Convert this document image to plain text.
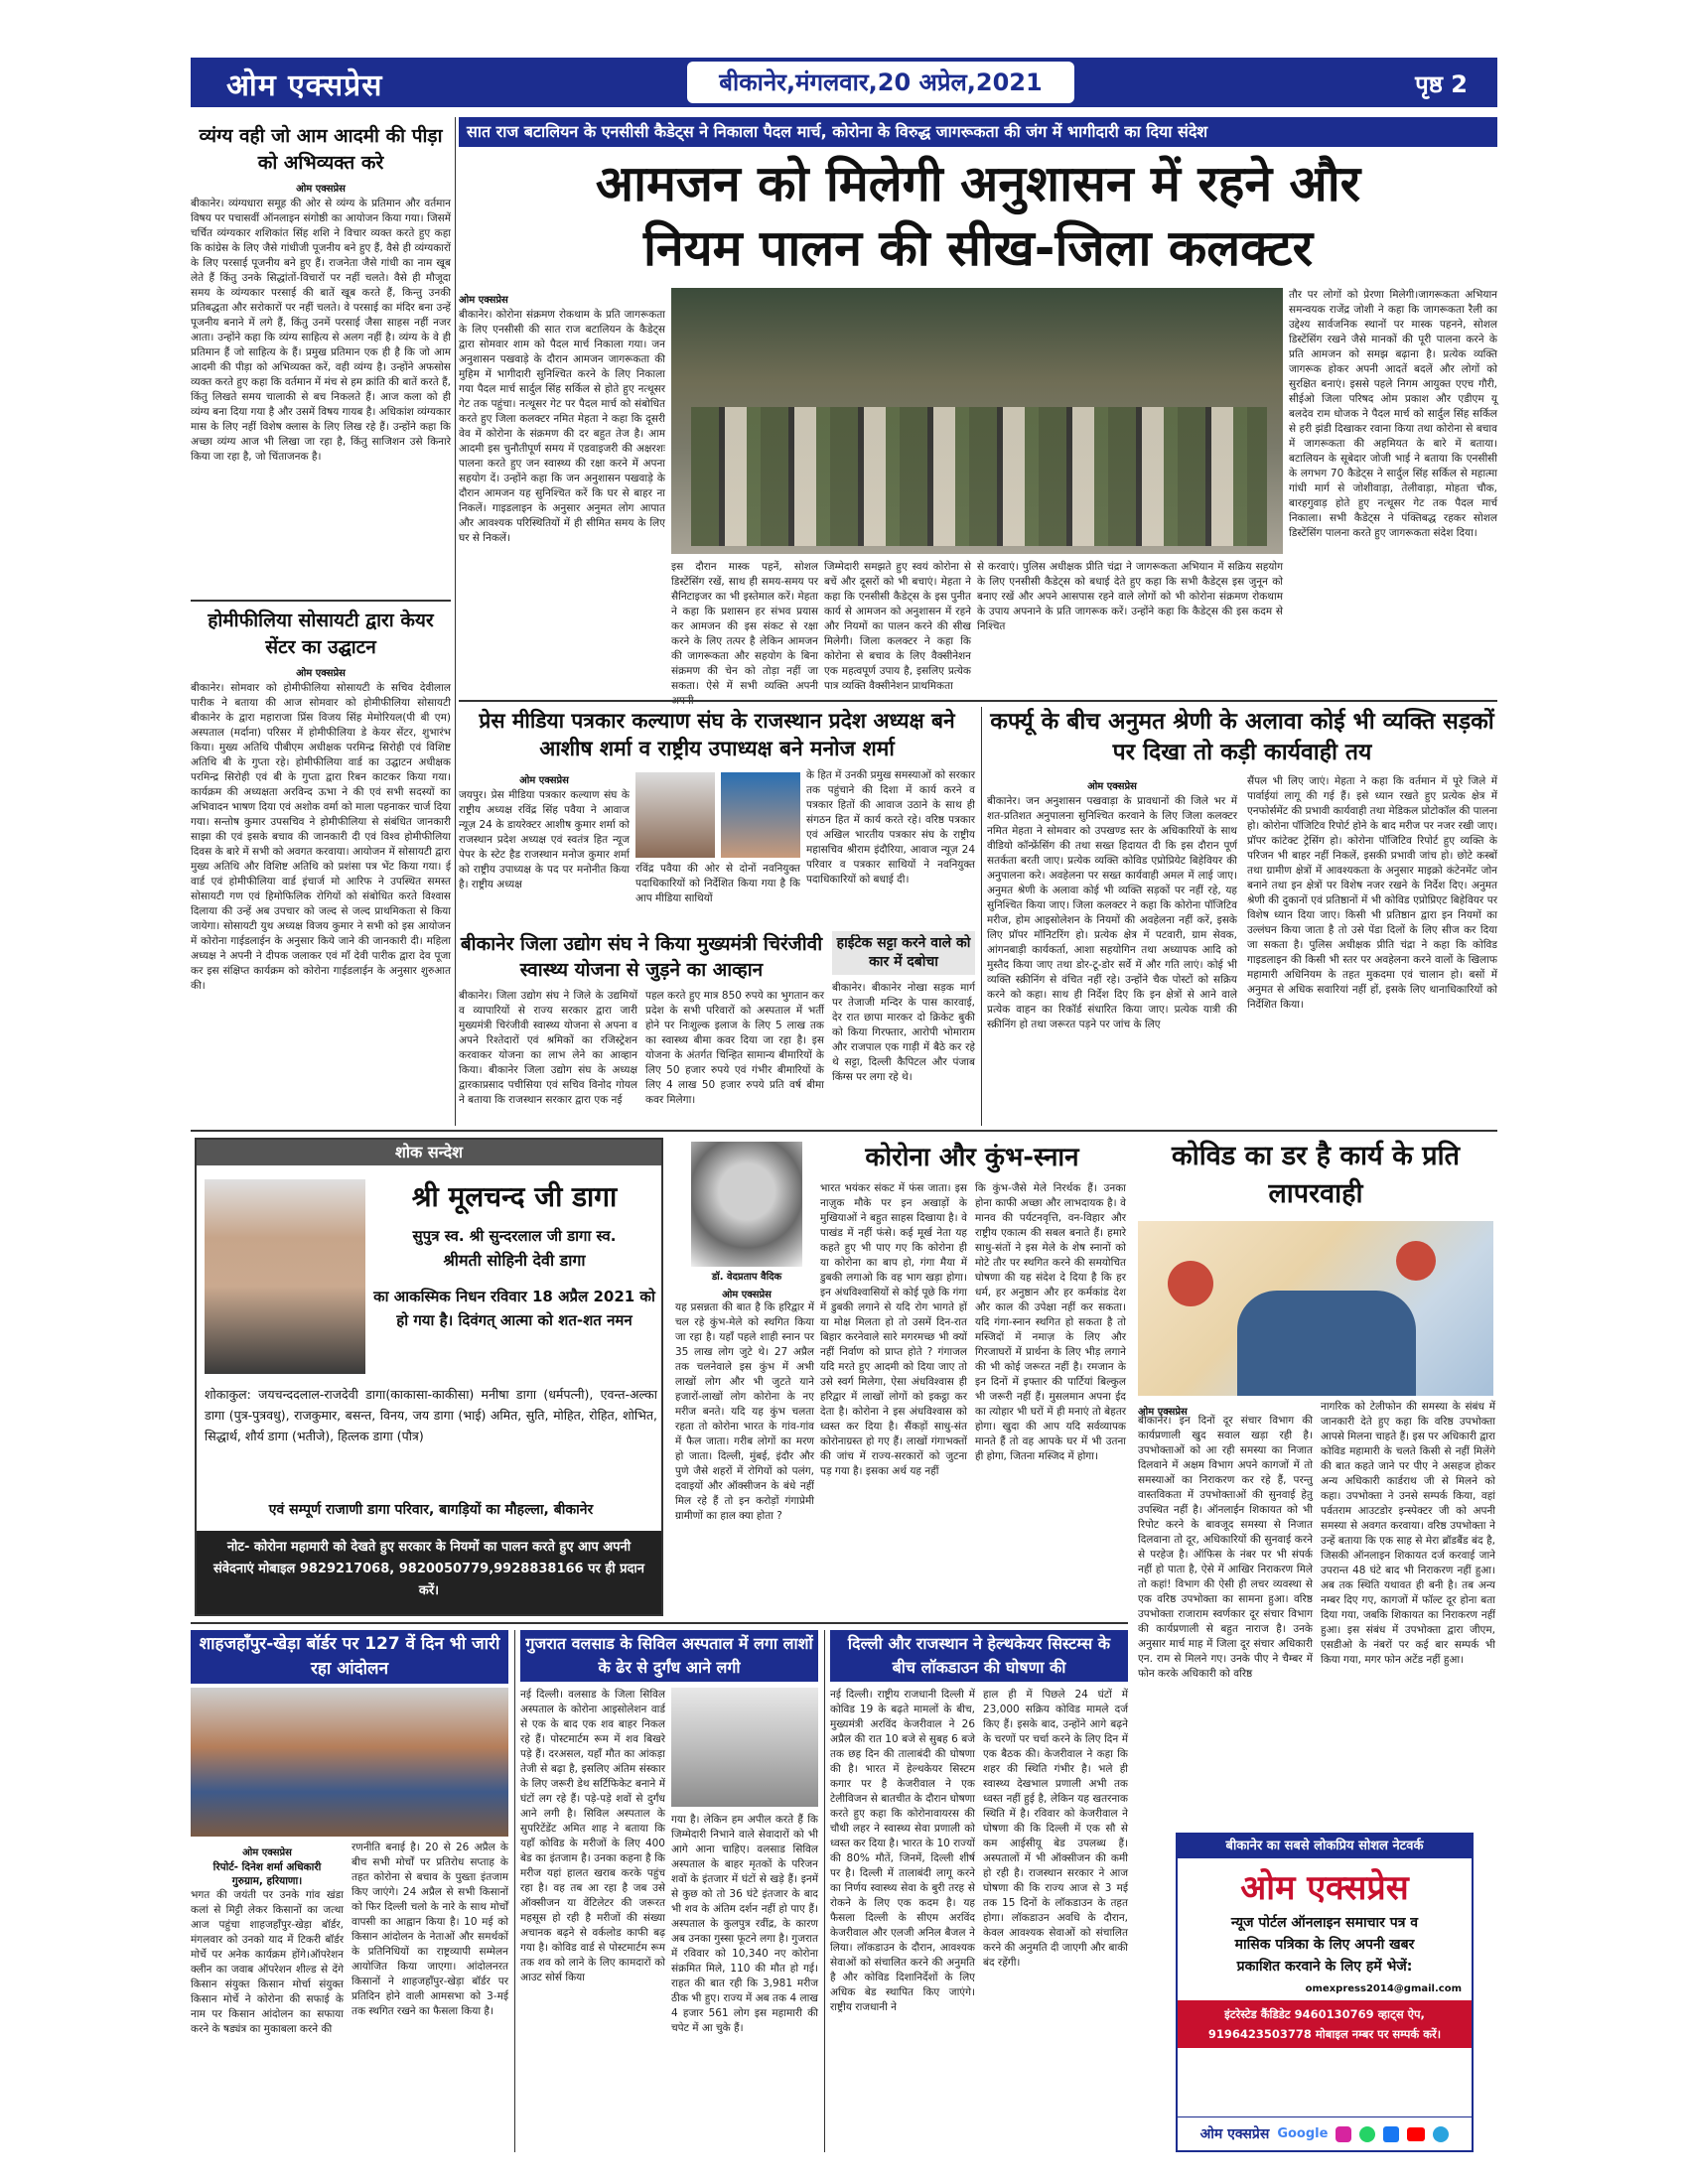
ओम एक्सप्रेस	बीकानेर,मंगलवार,20 अप्रेल,2021	पृष्ठ 2
व्यंग्य वही जो आम आदमी की पीड़ा को अभिव्यक्त करे
ओम एक्सप्रेस
बीकानेर। व्यंग्यधारा समूह की ओर से व्यंग्य के प्रतिमान और वर्तमान विषय पर पचासवीं ऑनलाइन संगोष्ठी का आयोजन किया गया। जिसमें चर्चित व्यंग्यकार शशिकांत सिंह शशि ने विचार व्यक्त करते हुए कहा कि कांग्रेस के लिए जैसे गांधीजी पूजनीय बने हुए हैं, वैसे ही व्यंग्यकारों के लिए परसाई पूजनीय बने हुए हैं। राजनेता जैसे गांधी का नाम खूब लेते हैं किंतु उनके सिद्धांतों-विचारों पर नहीं चलते। वैसे ही मौजूदा समय के व्यंग्यकार परसाई की बातें खूब करते हैं, किन्तु उनकी प्रतिबद्धता और सरोकारों पर नहीं चलते। वे परसाई का मंदिर बना उन्हें पूजनीय बनाने में लगे हैं, किंतु उनमें परसाई जैसा साहस नहीं नजर आता। उन्होंने कहा कि व्यंग्य साहित्य से अलग नहीं है। व्यंग्य के वे ही प्रतिमान हैं जो साहित्य के हैं। प्रमुख प्रतिमान एक ही है कि जो आम आदमी की पीड़ा को अभिव्यक्त करें, वही व्यंग्य है। उन्होंने अफसोस व्यक्त करते हुए कहा कि वर्तमान में मंच से हम क्रांति की बातें करते हैं, किंतु लिखते समय चालाकी से बच निकलते हैं। आज कला को ही व्यंग्य बना दिया गया है और उसमें विषय गायब है। अधिकांश व्यंग्यकार मास के लिए नहीं विशेष क्लास के लिए लिख रहे हैं। उन्होंने कहा कि अच्छा व्यंग्य आज भी लिखा जा रहा है, किंतु साजिशन उसे किनारे किया जा रहा है, जो चिंताजनक है।
होमीफीलिया सोसायटी द्वारा केयर सेंटर का उद्घाटन
ओम एक्सप्रेस
बीकानेर। सोमवार को होमीफीलिया सोसायटी के सचिव देवीलाल पारीक ने बताया की आज सोमवार को होमीफीलिया सोसायटी बीकानेर के द्वारा महाराजा प्रिंस विजय सिंह मेमोरियल(पी बी एम) अस्पताल (मर्दाना) परिसर में होमीफीलिया डे केयर सेंटर, शुभारंभ किया। मुख्य अतिथि पीबीएम अधीक्षक परमिन्द्र सिरोही एवं विशिष्ट अतिथि बी के गुप्ता रहे। होमीफीलिया वार्ड का उद्घाटन अधीक्षक परमिन्द्र सिरोही एवं बी के गुप्ता द्वारा रिबन काटकर किया गया। कार्यक्रम की अध्यक्षता अरविन्द ऊभा ने की एवं सभी सदस्यों का अभिवादन भाषण दिया एवं अशोक वर्मा को माला पहनाकर चार्ज दिया गया। सन्तोष कुमार उपसचिव ने होमीफीलिया से संबंधित जानकारी साझा की एवं इसके बचाव की जानकारी दी एवं विश्व होमीफीलिया दिवस के बारे में सभी को अवगत करवाया। आयोजन में सोसायटी द्वारा मुख्य अतिथि और विशिष्ट अतिथि को प्रशंसा पत्र भेंट किया गया। ई वार्ड एवं होमीफीलिया वार्ड इंचार्ज मो आरिफ ने उपस्थित समस्त सोसायटी गण एवं हिमोफिलिक रोगियों को संबोधित करते विश्वास दिलाया की उन्हें अब उपचार को जल्द से जल्द प्राथमिकता से किया जायेगा। सोसायटी युथ अध्यक्ष विजय कुमार ने सभी को इस आयोजन में कोरोना गाईडलाईन के अनुसार किये जाने की जानकारी दी। महिला अध्यक्ष ने अपनी ने दीपक जलाकर एवं माँ देवी पारीक द्वारा देव पूजा कर इस संक्षिप्त कार्यक्रम को कोरोना गाईडलाईन के अनुसार शुरुआत की।
सात राज बटालियन के एनसीसी कैडेट्स ने निकाला पैदल मार्च, कोरोना के विरुद्ध जागरूकता की जंग में भागीदारी का दिया संदेश
आमजन को मिलेगी अनुशासन में रहने और
नियम पालन की सीख-जिला कलक्टर
ओम एक्सप्रेस
बीकानेर। कोरोना संक्रमण रोकथाम के प्रति जागरूकता के लिए एनसीसी की सात राज बटालियन के कैडेट्स द्वारा सोमवार शाम को पैदल मार्च निकाला गया। जन अनुशासन पखवाड़े के दौरान आमजन जागरूकता की मुहिम में भागीदारी सुनिश्चित करने के लिए निकाला गया पैदल मार्च सार्दुल सिंह सर्किल से होते हुए नत्थूसर गेट तक पहुंचा। नत्थूसर गेट पर पैदल मार्च को संबोधित करते हुए जिला कलक्टर नमित मेहता ने कहा कि दूसरी वेव में कोरोना के संक्रमण की दर बहुत तेज है। आम आदमी इस चुनौतीपूर्ण समय में एडवाइजरी की अक्षरशः पालना करते हुए जन स्वास्थ्य की रक्षा करने में अपना सहयोग दें। उन्होंने कहा कि जन अनुशासन पखवाड़े के दौरान आमजन यह सुनिश्चित करें कि घर से बाहर ना निकलें। गाइडलाइन के अनुसार अनुमत लोग आपात और आवश्यक परिस्थितियों में ही सीमित समय के लिए घर से निकलें।
इस दौरान मास्क पहनें, सोशल डिस्टेंसिंग रखें, साथ ही समय-समय पर सैनिटाइजर का भी इस्तेमाल करें। मेहता ने कहा कि प्रशासन हर संभव प्रयास कर आमजन की इस संकट से रक्षा करने के लिए तत्पर है लेकिन आमजन की जागरूकता और सहयोग के बिना संक्रमण की चेन को तोड़ा नहीं जा सकता। ऐसे में सभी व्यक्ति अपनी
जिम्मेदारी समझते हुए स्वयं कोरोना से बचें और दूसरों को भी बचाएं। मेहता ने कहा कि एनसीसी कैडेट्स के इस पुनीत कार्य से आमजन को अनुशासन में रहने और नियमों का पालन करने की सीख मिलेगी। जिला कलक्टर ने कहा कि कोरोना से बचाव के लिए वैक्सीनेशन एक महत्वपूर्ण उपाय है, इसलिए प्रत्येक पात्र व्यक्ति वैक्सीनेशन प्राथमिकता
से करवाएं। पुलिस अधीक्षक प्रीति चंद्रा ने जागरूकता अभियान में सक्रिय सहयोग के लिए एनसीसी कैडेट्स को बधाई देते हुए कहा कि सभी कैडेट्स इस जुनून को बनाए रखें और अपने आसपास रहने वाले लोगों को भी कोरोना संक्रमण रोकथाम के उपाय अपनाने के प्रति जागरूक करें। उन्होंने कहा कि कैडेट्स की इस कदम से निश्चित
तौर पर लोगों को प्रेरणा मिलेगी।जागरूकता अभियान समन्वयक राजेंद्र जोशी ने कहा कि जागरूकता रैली का उद्देश्य सार्वजनिक स्थानों पर मास्क पहनने, सोशल डिस्टेंसिंग रखने जैसे मानकों की पूरी पालना करने के प्रति आमजन को समझ बढ़ाना है। प्रत्येक व्यक्ति जागरूक होकर अपनी आदतें बदलें और लोगों को सुरक्षित बनाएं। इससे पहले निगम आयुक्त एएच गौरी, सीईओ जिला परिषद ओम प्रकाश और एडीएम यू बलदेव राम धोजक ने पैदल मार्च को सार्दुल सिंह सर्किल से हरी झंडी दिखाकर रवाना किया तथा कोरोना से बचाव में जागरूकता की अहमियत के बारे में बताया। बटालियन के सूबेदार जोजी भाई ने बताया कि एनसीसी के लगभग 70 कैडेट्स ने सार्दुल सिंह सर्किल से महात्मा गांधी मार्ग से जोशीवाड़ा, तेलीवाड़ा, मोहता चौक, बारहगुवाड़ होते हुए नत्थूसर गेट तक पैदल मार्च निकाला। सभी कैडेट्स ने पंक्तिबद्ध रहकर सोशल डिस्टेंसिंग पालना करते हुए जागरूकता संदेश दिया।
प्रेस मीडिया पत्रकार कल्याण संघ के राजस्थान प्रदेश अध्यक्ष बने आशीष शर्मा व राष्ट्रीय उपाध्यक्ष बने मनोज शर्मा
ओम एक्सप्रेस
जयपुर। प्रेस मीडिया पत्रकार कल्याण संघ के राष्ट्रीय अध्यक्ष रविंद्र सिंह पवैया ने आवाज न्यूज़ 24 के डायरेक्टर आशीष कुमार शर्मा को राजस्थान प्रदेश अध्यक्ष एवं स्वतंत्र हित न्यूज पेपर के स्टेट हैड राजस्थान मनोज कुमार शर्मा को राष्ट्रीय उपाध्यक्ष के पद पर मनोनीत किया है। राष्ट्रीय अध्यक्ष
रविंद्र पवैया की ओर से दोनों नवनियुक्त पदाधिकारियों को निर्देशित किया गया है कि आप मीडिया साथियों
के हित में उनकी प्रमुख समस्याओं को सरकार तक पहुंचाने की दिशा में कार्य करने व पत्रकार हितों की आवाज उठाने के साथ ही संगठन हित में कार्य करते रहे। वरिष्ठ पत्रकार एवं अखिल भारतीय पत्रकार संघ के राष्ट्रीय महासचिव श्रीराम इंदौरिया, आवाज न्यूज़ 24 परिवार व पत्रकार साथियों ने नवनियुक्त पदाधिकारियों को बधाई दी।
बीकानेर जिला उद्योग संघ ने किया मुख्यमंत्री चिरंजीवी स्वास्थ्य योजना से जुड़ने का आव्हान
बीकानेर। जिला उद्योग संघ ने जिले के उद्यमियों व व्यापारियों से राज्य सरकार द्वारा जारी मुख्यमंत्री चिरंजीवी स्वास्थ्य योजना से अपना व अपने रिश्तेदारों एवं श्रमिकों का रजिस्ट्रेशन करवाकर योजना का लाभ लेने का आव्हान किया। बीकानेर जिला उद्योग संघ के अध्यक्ष द्वारकाप्रसाद पचीसिया एवं सचिव विनोद गोयल ने बताया कि राजस्थान सरकार द्वारा एक नई
पहल करते हुए मात्र 850 रुपये का भुगतान कर प्रदेश के सभी परिवारों को अस्पताल में भर्ती होने पर निःशुल्क इलाज के लिए 5 लाख तक का स्वास्थ्य बीमा कवर दिया जा रहा है। इस योजना के अंतर्गत चिन्हित सामान्य बीमारियों के लिए 50 हजार रुपये एवं गंभीर बीमारियों के लिए 4 लाख 50 हजार रुपये प्रति वर्ष बीमा कवर मिलेगा।
हाईटेक सट्टा करने वाले को कार में दबोचा
बीकानेर। बीकानेर नोखा सड़क मार्ग पर तेजाजी मन्दिर के पास कारवाई, देर रात छापा मारकर दो क्रिकेट बुकी को किया गिरफ्तार, आरोपी भोमाराम और राजपाल एक गाड़ी में बैठे कर रहे थे सट्टा, दिल्ली कैपिटल और पंजाब किंग्स पर लगा रहे थे।
कर्फ्यू के बीच अनुमत श्रेणी के अलावा कोई भी व्यक्ति सड़कों पर दिखा तो कड़ी कार्यवाही तय
ओम एक्सप्रेस
बीकानेर। जन अनुशासन पखवाड़ा के प्रावधानों की जिले भर में शत-प्रतिशत अनुपालना सुनिश्चित करवाने के लिए जिला कलक्टर नमित मेहता ने सोमवार को उपखण्ड स्तर के अधिकारियों के साथ वीडियो कॉन्फ्रेंसिंग की तथा सख्त हिदायत दी कि इस दौरान पूर्ण सतर्कता बरती जाए। प्रत्येक व्यक्ति कोविड एप्रोप्रियेट बिहेवियर की अनुपालना करे। अवहेलना पर सख्त कार्यवाही अमल में लाई जाए। अनुमत श्रेणी के अलावा कोई भी व्यक्ति सड़कों पर नहीं रहे, यह सुनिश्चित किया जाए। जिला कलक्टर ने कहा कि कोरोना पॉजिटिव मरीज, होम आइसोलेशन के नियमों की अवहेलना नहीं करें, इसके लिए प्रॉपर मॉनिटरिंग हो। प्रत्येक क्षेत्र में पटवारी, ग्राम सेवक, आंगनबाड़ी कार्यकर्ता, आशा सहयोगिन तथा अध्यापक आदि को मुस्तैद किया जाए तथा डोर-टू-डोर सर्वे में और गति लाएं। कोई भी व्यक्ति स्क्रीनिंग से वंचित नहीं रहे। उन्होंने चैक पोस्टों को सक्रिय करने को कहा। साथ ही निर्देश दिए कि इन क्षेत्रों से आने वाले प्रत्येक वाहन का रिकॉर्ड संधारित किया जाए। प्रत्येक यात्री की स्क्रीनिंग हो तथा जरूरत पड़ने पर जांच के लिए
सैंपल भी लिए जाएं। मेहता ने कहा कि वर्तमान में पूरे जिले में पार्वाईयां लागू की गई हैं। इसे ध्यान रखते हुए प्रत्येक क्षेत्र में एनफोर्समेंट की प्रभावी कार्यवाही तथा मेडिकल प्रोटोकॉल की पालना हो। कोरोना पॉजिटिव रिपोर्ट होने के बाद मरीज पर नजर रखी जाए। प्रॉपर कांटेक्ट ट्रेसिंग हो। कोरोना पॉजिटिव रिपोर्ट हुए व्यक्ति के परिजन भी बाहर नहीं निकलें, इसकी प्रभावी जांच हो। छोटे कस्बों तथा ग्रामीण क्षेत्रों में आवश्यकता के अनुसार माइक्रो कंटेनमेंट जोन बनाने तथा इन क्षेत्रों पर विशेष नजर रखने के निर्देश दिए। अनुमत श्रेणी की दुकानों एवं प्रतिष्ठानों में भी कोविड एप्रोप्रिएट बिहेवियर पर विशेष ध्यान दिया जाए। किसी भी प्रतिष्ठान द्वारा इन नियमों का उल्लंघन किया जाता है तो उसे पेंडा दिलों के लिए सीज कर दिया जा सकता है। पुलिस अधीक्षक प्रीति चंद्रा ने कहा कि कोविड गाइडलाइन की किसी भी स्तर पर अवहेलना करने वालों के खिलाफ महामारी अधिनियम के तहत मुकदमा एवं चालान हो। बसों में अनुमत से अधिक सवारियां नहीं हों, इसके लिए थानाधिकारियों को निर्देशित किया।
शोक सन्देश
श्री मूलचन्द जी डागा
सुपुत्र स्व. श्री सुन्दरलाल जी डागा स्व.
श्रीमती सोहिनी देवी डागा
का आकस्मिक निधन रविवार 18 अप्रैल 2021 को हो गया है। दिवंगत् आत्मा को शत-शत नमन
शोकाकुल: जयचन्ददलाल-राजदेवी डागा(काकासा-काकीसा) मनीषा डागा (धर्मपत्नी), एवन्त-अल्का डागा (पुत्र-पुत्रवधु), राजकुमार, बसन्त, विनय, जय डागा (भाई) अमित, सुति, मोहित, रोहित, शोभित, सिद्धार्थ, शौर्य डागा (भतीजे), हित्लक डागा (पौत्र)
एवं सम्पूर्ण राजाणी डागा परिवार, बागड़ियों का मौहल्ला, बीकानेर
नोट- कोरोना महामारी को देखते हुए सरकार के नियमों का पालन करते हुए आप अपनी संवेदनाएं मोबाइल 9829217068, 9820050779,9928838166 पर ही प्रदान करें।
डॉ. वेदप्रताप वैदिक
ओम एक्सप्रेस
यह प्रसन्नता की बात है कि हरिद्वार में चल रहे कुंभ-मेले को स्थगित किया जा रहा है। यहाँ पहले शाही स्नान पर 35 लाख लोग जुटे थे। 27 अप्रैल तक चलनेवाले इस कुंभ में अभी लाखों लोग और भी जुटते याने हजारों-लाखों लोग कोरोना के नए मरीज बनते। यदि यह कुंभ चलता रहता तो कोरोना भारत के गांव-गांव में फैल जाता। गरीब लोगों का मरण हो जाता। दिल्ली, मुंबई, इंदौर और पुणे जैसे शहरों में रोगियों को पलंग, दवाइयों और ऑक्सीजन के बंधे नहीं मिल रहे हैं तो इन करोड़ों गंगाप्रेमी ग्रामीणों का हाल क्या होता ?
कोरोना और कुंभ-स्नान
भारत भयंकर संकट में फंस जाता। इस नाज़ुक मौके पर इन अखाड़ों के मुखियाओं ने बहुत साहस दिखाया है। वे पाखंड में नहीं फंसे। कई मूर्ख नेता यह कहते हुए भी पाए गए कि कोरोना ही या कोरोना का बाप हो, गंगा मैया में डुबकी लगाओ कि वह भाग खड़ा होगा। इन अंधविश्वासियों से कोई पूछे कि गंगा में डुबकी लगाने से यदि रोग भागते हों या मोक्ष मिलता हो तो उसमें दिन-रात बिहार करनेवाले सारे मगरमच्छ भी क्यों नहीं निर्वाण को प्राप्त होते ? गंगाजल यदि मरते हुए आदमी को दिया जाए तो उसे स्वर्ग मिलेगा, ऐसा अंधविश्वास ही हरिद्वार में लाखों लोगों को इकट्ठा कर देता है। कोरोना ने इस अंधविश्वास को ध्वस्त कर दिया है। सैंकड़ों साधु-संत कोरोनाग्रस्त हो गए हैं। लाखों गंगाभक्तों की जांच में राज्य-सरकारों को जुटना पड़ गया है। इसका अर्थ यह नहीं
कि कुंभ-जैसे मेले निरर्थक हैं। उनका होना काफी अच्छा और लाभदायक है। वे मानव की पर्यटनवृत्ति, वन-विहार और राष्ट्रीय एकात्म की सबल बनाते हैं। हमारे साधु-संतों ने इस मेले के शेष स्नानों को मोटे तौर पर स्थगित करने की समयोचित घोषणा की यह संदेश दे दिया है कि हर धर्म, हर अनुष्ठान और हर कर्मकांड देश और काल की उपेक्षा नहीं कर सकता। यदि गंगा-स्नान स्थगित हो सकता है तो मस्जिदों में नमाज़ के लिए और गिरजाघरों में प्रार्थना के लिए भीड़ लगाने की भी कोई जरूरत नहीं है। रमजान के इन दिनों में इफ्तार की पार्टियां बिल्कुल भी जरूरी नहीं हैं। मुसलमान अपना ईद का त्योहार भी घरों में ही मनाएं तो बेहतर होगा। खुदा की आप यदि सर्वव्यापक मानते हैं तो वह आपके घर में भी उतना ही होगा, जितना मस्जिद में होगा।
कोविड का डर है कार्य के प्रति लापरवाही
ओम एक्सप्रेस
बीकानेर। इन दिनों दूर संचार विभाग की कार्यप्रणाली खुद सवाल खड़ा रही है। उपभोक्ताओं को आ रही समस्या का निजात दिलवाने में अक्षम विभाग अपने कागजों में तो समस्याओं का निराकरण कर रहे हैं, परन्तु वास्तविकता में उपभोक्ताओं की सुनवाई हेतु उपस्थित नहीं है। ऑनलाईन शिकायत को भी रिपोट करने के बावजूद समस्या से निजात दिलवाना तो दूर, अधिकारियों की सुनवाई करने से परहेज है। ऑफिस के नंबर पर भी संपर्क नहीं हो पाता है, ऐसे में आखिर निराकरण मिले तो कहां! विभाग की ऐसी ही लचर व्यवस्था से एक वरिष्ठ उपभोक्ता का सामना हुआ। वरिष्ठ उपभोक्ता राजाराम स्वर्णकार दूर संचार विभाग की कार्यप्रणाली से बहुत नाराज है। उनके अनुसार मार्च माह में जिला दूर संचार अधिकारी एन. राम से मिलने गए। उनके पीए ने चैम्बर में फोन करके अधिकारी को वरिष्ठ
नागरिक को टेलीफोन की समस्या के संबंध में जानकारी देते हुए कहा कि वरिष्ठ उपभोक्ता आपसे मिलना चाहते हैं। इस पर अधिकारी द्वारा कोविड महामारी के चलते किसी से नहीं मिलेंगे की बात कहते जाने पर पीए ने असहज होकर अन्य अधिकारी कार्डराथ जी से मिलने को कहा। उपभोक्ता ने उनसे सम्पर्क किया, वहां पर्वतराम आउटडोर इन्स्पेक्टर जी को अपनी समस्या से अवगत करवाया। वरिष्ठ उपभोक्ता ने उन्हें बताया कि एक साह से मेरा ब्रॉडबैंड बंद है, जिसकी ऑनलाइन शिकायत दर्ज करवाई जाने उपरान्त 48 घंटे बाद भी निराकरण नहीं हुआ। अब तक स्थिति यथावत ही बनी है। तब अन्य नम्बर दिए गए, कागजों में फॉल्ट दूर होना बता दिया गया, जबकि शिकायत का निराकरण नहीं हुआ। इस संबंध में उपभोक्ता द्वारा जीएम, एसडीओ के नंबरों पर कई बार सम्पर्क भी किया गया, मगर फोन अटेंड नहीं हुआ।
शाहजहाँपुर-खेड़ा बॉर्डर पर 127 वें दिन भी जारी रहा आंदोलन
ओम एक्सप्रेस
रिपोर्ट- दिनेश शर्मा अधिकारी
गुरुग्राम, हरियाणा।
भगत की जयंती पर उनके गांव खंडा कलां से मिट्टी लेकर किसानों का जत्था आज पहुंचा शाहजहाँपुर-खेड़ा बॉर्डर, मंगलवार को उनको याद में टिकरी बॉर्डर मोर्चे पर अनेक कार्यक्रम होंगे।ऑपरेशन क्लीन का जवाब ऑपरेशन शील्ड से देंगे किसान संयुक्त किसान मोर्चा संयुक्त किसान मोर्चे ने कोरोना की सफाई के नाम पर किसान आंदोलन का सफाया करने के षड्यंत्र का मुकाबला करने की
रणनीति बनाई है। 20 से 26 अप्रैल के बीच सभी मोर्चों पर प्रतिरोध सप्ताह के तहत कोरोना से बचाव के पुख्ता इंतजाम किए जाएंगे। 24 अप्रैल से सभी किसानों को फिर दिल्ली चलो के नारे के साथ मोर्चों वापसी का आह्वान किया है। 10 मई को किसान आंदोलन के नेताओं और समर्थकों के प्रतिनिधियों का राष्ट्रव्यापी सम्मेलन आयोजित किया जाएगा। आंदोलनरत किसानों ने शाहजहाँपुर-खेड़ा बॉर्डर पर प्रतिदिन होने वाली आमसभा को 3-मई तक स्थगित रखने का फैसला किया है।
गुजरात वलसाड के सिविल अस्पताल में लगा लाशों के ढेर से दुर्गंध आने लगी
नई दिल्ली। वलसाड के जिला सिविल अस्पताल के कोरोना आइसोलेशन वार्ड से एक के बाद एक शव बाहर निकल रहे हैं। पोस्टमार्टम रूम में शव बिखरे पड़े हैं। दरअसल, यहाँ मौत का आंकड़ा तेजी से बढ़ा है, इसलिए अंतिम संस्कार के लिए जरूरी डेथ सर्टिफिकेट बनाने में घंटों लग रहे हैं। पड़े-पड़े शवों से दुर्गंध आने लगी है। सिविल अस्पताल के सुपरिटेंडेंट अमित शाह ने बताया कि यहाँ कोविड के मरीजों के लिए 400 बेड का इंतजाम है। उनका कहना है कि मरीज यहां हालत खराब करके पहुंच रहा है। वह तब आ रहा है जब उसे ऑक्सीजन या वेंटिलेटर की जरूरत महसूस हो रही है मरीजों की संख्या अचानक बढ़ने से वर्कलोड काफी बढ़ गया है। कोविड वार्ड से पोस्टमार्टम रूम तक शव को लाने के लिए कामदारों को आउट सोर्स किया
गया है। लेकिन हम अपील करते हैं कि जिम्मेदारी निभाने वाले सेवादारों को भी आगे आना चाहिए। वलसाड सिविल अस्पताल के बाहर मृतकों के परिजन शवों के इंतजार में घंटों से खड़े हैं। इनमें से कुछ को तो 36 घंटे इंतजार के बाद भी शव के अंतिम दर्शन नहीं हो पाए हैं। अस्पताल के कुलपुत्र रवींद्र, के कारण अब उनका गुस्सा फूटने लगा है। गुजरात में रविवार को 10,340 नए कोरोना संक्रमित मिले, 110 की मौत हो गई। राहत की बात रही कि 3,981 मरीज ठीक भी हुए। राज्य में अब तक 4 लाख 4 हजार 561 लोग इस महामारी की चपेट में आ चुके हैं।
दिल्ली और राजस्थान ने हेल्थकेयर सिस्टम्स के बीच लॉकडाउन की घोषणा की
नई दिल्ली। राष्ट्रीय राजधानी दिल्ली में कोविड 19 के बढ़ते मामलों के बीच, मुख्यमंत्री अरविंद केजरीवाल ने 26 अप्रैल की रात 10 बजे से सुबह 6 बजे तक छह दिन की तालाबंदी की घोषणा की है। भारत में हेल्थकेयर सिस्टम कगार पर है केजरीवाल ने एक टेलीविजन से बातचीत के दौरान घोषणा करते हुए कहा कि कोरोनावायरस की चौथी लहर ने स्वास्थ्य सेवा प्रणाली को ध्वस्त कर दिया है। भारत के 10 राज्यों की 80% मौतें, जिनमें, दिल्ली शीर्ष पर है। दिल्ली में तालाबंदी लागू करने का निर्णय स्वास्थ्य सेवा के बुरी तरह से रोकने के लिए एक कदम है। यह फैसला दिल्ली के सीएम अरविंद केजरीवाल और एलजी अनिल बैजल ने लिया। लॉकडाउन के दौरान, आवश्यक सेवाओं को संचालित करने की अनुमति है और कोविड दिशानिर्देशों के लिए अधिक बेड स्थापित किए जाएंगे। राष्ट्रीय राजधानी ने
हाल ही में पिछले 24 घंटों में 23,000 सक्रिय कोविड मामले दर्ज किए हैं। इसके बाद, उन्होंने आगे बढ़ने के चरणों पर चर्चा करने के लिए दिन में एक बैठक की। केजरीवाल ने कहा कि शहर की स्थिति गंभीर है। भले ही स्वास्थ्य देखभाल प्रणाली अभी तक ध्वस्त नहीं हुई है, लेकिन यह खतरनाक स्थिति में है। रविवार को केजरीवाल ने घोषणा की कि दिल्ली में एक सौ से कम आईसीयू बेड उपलब्ध हैं। अस्पतालों में भी ऑक्सीजन की कमी हो रही है। राजस्थान सरकार ने आज घोषणा की कि राज्य आज से 3 मई तक 15 दिनों के लॉकडाउन के तहत होगा। लॉकडाउन अवधि के दौरान, केवल आवश्यक सेवाओं को संचालित करने की अनुमति दी जाएगी और बाकी बंद रहेंगी।
बीकानेर का सबसे लोकप्रिय सोशल नेटवर्क
ओम एक्सप्रेस
न्यूज पोर्टल ऑनलाइन समाचार पत्र व
मासिक पत्रिका के लिए अपनी खबर
प्रकाशित करवाने के लिए हमें भेजें:
omexpress2014@gmail.com
इंटरेस्टेड कैंडिडेट 9460130769 व्हाट्स ऐप,
9196423503778 मोबाइल नम्बर पर सम्पर्क करें।
ओम एक्सप्रेस Google
